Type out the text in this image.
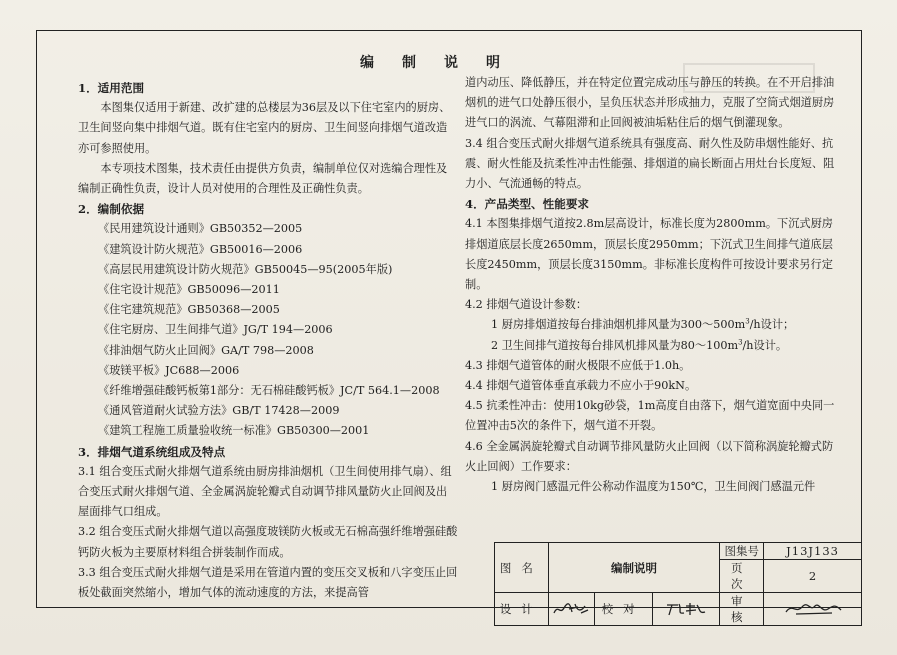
编制说明

1．适用范围

本图集仅适用于新建、改扩建的总楼层为36层及以下住宅室内的厨房、卫生间竖向集中排烟气道。既有住宅室内的厨房、卫生间竖向排烟气道改造亦可参照使用。

本专项技术图集，技术责任由提供方负责，编制单位仅对选编合理性及编制正确性负责，设计人员对使用的合理性及正确性负责。

2．编制依据

《民用建筑设计通则》GB50352—2005

《建筑设计防火规范》GB50016—2006

《高层民用建筑设计防火规范》GB50045—95(2005年版)

《住宅设计规范》GB50096—2011

《住宅建筑规范》GB50368—2005

《住宅厨房、卫生间排气道》JG/T 194—2006

《排油烟气防火止回阀》GA/T 798—2008

《玻镁平板》JC688—2006

《纤维增强硅酸钙板第1部分：无石棉硅酸钙板》JC/T 564.1—2008

《通风管道耐火试验方法》GB/T 17428—2009

《建筑工程施工质量验收统一标准》GB50300—2001

3．排烟气道系统组成及特点

3.1 组合变压式耐火排烟气道系统由厨房排油烟机（卫生间使用排气扇）、组合变压式耐火排烟气道、全金属涡旋轮瓣式自动调节排风量防火止回阀及出屋面排气口组成。

3.2 组合变压式耐火排烟气道以高强度玻镁防火板或无石棉高强纤维增强硅酸钙防火板为主要原材料组合拼装制作而成。

3.3 组合变压式耐火排烟气道是采用在管道内置的变压交叉板和八字变压止回板处截面突然缩小，增加气体的流动速度的方法，来提高管

道内动压、降低静压，并在特定位置完成动压与静压的转换。在不开启排油烟机的进气口处静压很小，呈负压状态并形成抽力，克服了空筒式烟道厨房进气口的涡流、气幕阻滞和止回阀被油垢粘住后的烟气倒灌现象。

3.4 组合变压式耐火排烟气道系统具有强度高、耐久性及防串烟性能好、抗震、耐火性能及抗柔性冲击性能强、排烟道的扁长断面占用灶台长度短、阻力小、气流通畅的特点。

4．产品类型、性能要求

4.1 本图集排烟气道按2.8m层高设计，标准长度为2800mm。下沉式厨房排烟道底层长度2650mm，顶层长度2950mm；下沉式卫生间排气道底层长度2450mm，顶层长度3150mm。非标准长度构件可按设计要求另行定制。

4.2 排烟气道设计参数：

1 厨房排烟道按每台排油烟机排风量为$300\sim 500m^3/h$设计；

2 卫生间排气道按每台排风机排风量为$80\sim 100m^3/h$设计。

4.3 排烟气道管体的耐火极限不应低于1.0h。

4.4 排烟气道管体垂直承载力不应小于90kN。

4.5 抗柔性冲击：使用10kg砂袋，1m高度自由落下，烟气道宽面中央同一位置冲击5次的条件下，烟气道不开裂。

4.6 全金属涡旋轮瓣式自动调节排风量防火止回阀（以下简称涡旋轮瓣式防火止回阀）工作要求：

1 厨房阀门感温元件公称动作温度为150℃，卫生间阀门感温元件

图名	编制说明			图集号	J13J133
				页次	2
设计		校对		审核	
